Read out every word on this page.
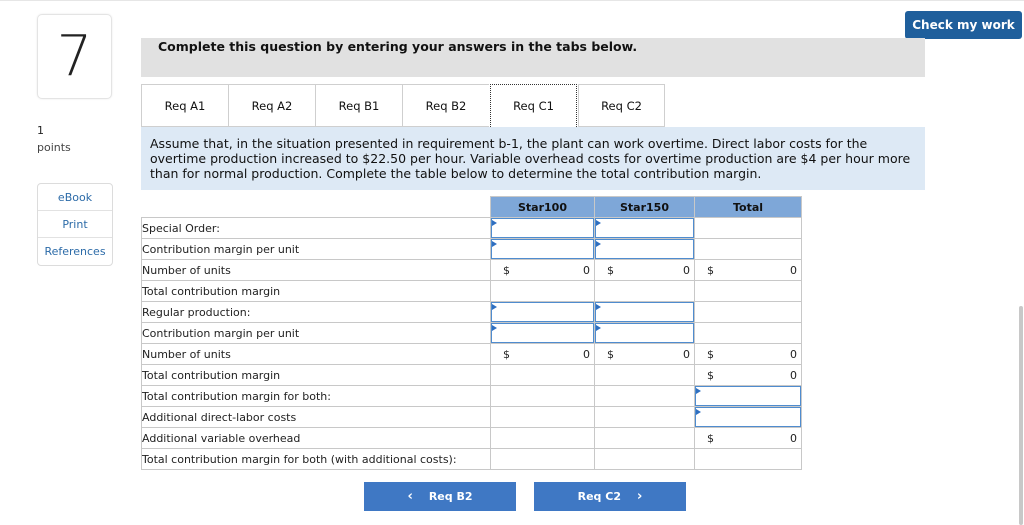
7
1
points
eBook
Print
References
Check my work
Complete this question by entering your answers in the tabs below.
Req A1	Req A2	Req B1	Req B2	Req C1	Req C2
Assume that, in the situation presented in requirement b-1, the plant can work overtime. Direct labor costs for the overtime production increased to $22.50 per hour. Variable overhead costs for overtime production are $4 per hour more than for normal production. Complete the table below to determine the total contribution margin.
	Star100	Star150	Total
Special Order:	

Contribution margin per unit	

Number of units	$ 0	$ 0	$ 0

Total contribution margin			
Regular production:	

Contribution margin per unit	

Number of units	$ 0	$ 0	$ 0

Total contribution margin			$ 0

Total contribution margin for both:			

Additional direct-labor costs			

Additional variable overhead			$ 0

Total contribution margin for both (with additional costs):			
‹ Req B2	Req C2 ›
